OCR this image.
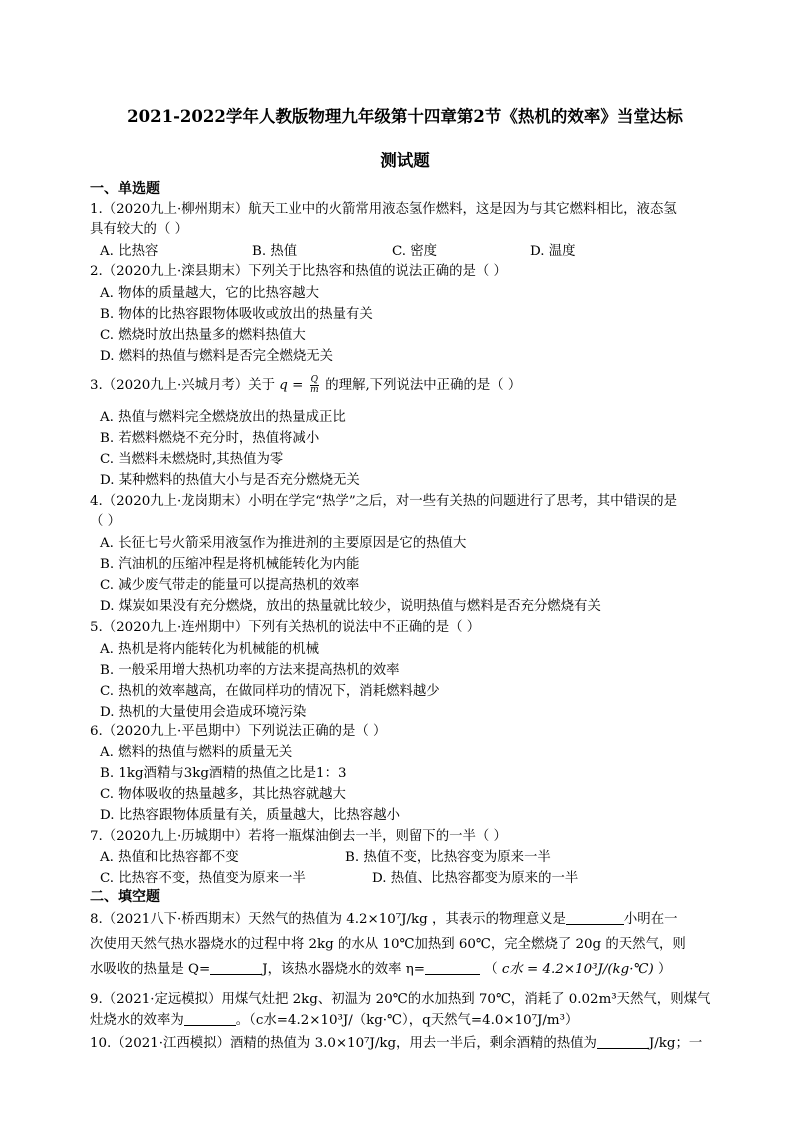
2021-2022学年人教版物理九年级第十四章第2节《热机的效率》当堂达标
测试题
一、单选题
1.（2020九上·柳州期末）航天工业中的火箭常用液态氢作燃料，这是因为与其它燃料相比，液态氢
具有较大的（ ）
A. 比热容	B. 热值	C. 密度	D. 温度
2.（2020九上·滦县期末）下列关于比热容和热值的说法正确的是（ ）
A. 物体的质量越大，它的比热容越大
B. 物体的比热容跟物体吸收或放出的热量有关
C. 燃烧时放出热量多的燃料热值大
D. 燃料的热值与燃料是否完全燃烧无关
3.（2020九上·兴城月考）关于 $q = \frac{Q}{m}$ 的理解,下列说法中正确的是（ ）
A. 热值与燃料完全燃烧放出的热量成正比
B. 若燃料燃烧不充分时，热值将减小
C. 当燃料未燃烧时,其热值为零
D. 某种燃料的热值大小与是否充分燃烧无关
4.（2020九上·龙岗期末）小明在学完“热学”之后，对一些有关热的问题进行了思考，其中错误的是
（ ）
A. 长征七号火箭采用液氢作为推进剂的主要原因是它的热值大
B. 汽油机的压缩冲程是将机械能转化为内能
C. 减少废气带走的能量可以提高热机的效率
D. 煤炭如果没有充分燃烧，放出的热量就比较少，说明热值与燃料是否充分燃烧有关
5.（2020九上·连州期中）下列有关热机的说法中不正确的是（ ）
A. 热机是将内能转化为机械能的机械
B. 一般采用增大热机功率的方法来提高热机的效率
C. 热机的效率越高，在做同样功的情况下，消耗燃料越少
D. 热机的大量使用会造成环境污染
6.（2020九上·平邑期中）下列说法正确的是（ ）
A. 燃料的热值与燃料的质量无关
B. 1kg酒精与3kg酒精的热值之比是1：3
C. 物体吸收的热量越多，其比热容就越大
D. 比热容跟物体质量有关，质量越大，比热容越小
7.（2020九上·历城期中）若将一瓶煤油倒去一半，则留下的一半（ ）
A. 热值和比热容都不变	B. 热值不变，比热容变为原来一半
C. 比热容不变，热值变为原来一半	D. 热值、比热容都变为原来的一半
二、填空题
8.（2021八下·桥西期末）天然气的热值为 4.2×10⁷J/kg ，其表示的物理意义是	小明在一
次使用天然气热水器烧水的过程中将 2kg 的水从 10℃加热到 60℃，完全燃烧了 20g 的天然气，则
水吸收的热量是 Q=	J，该热水器烧水的效率 η=	（ c水 = 4.2×10³J/(kg·℃) ）
9.（2021·定远模拟）用煤气灶把 2kg、初温为 20℃的水加热到 70℃，消耗了 0.02m³天然气，则煤气
灶烧水的效率为	。（c水=4.2×10³J/（kg·℃），q天然气=4.0×10⁷J/m³）
10.（2021·江西模拟）酒精的热值为 3.0×10⁷J/kg，用去一半后，剩余酒精的热值为	J/kg；一
